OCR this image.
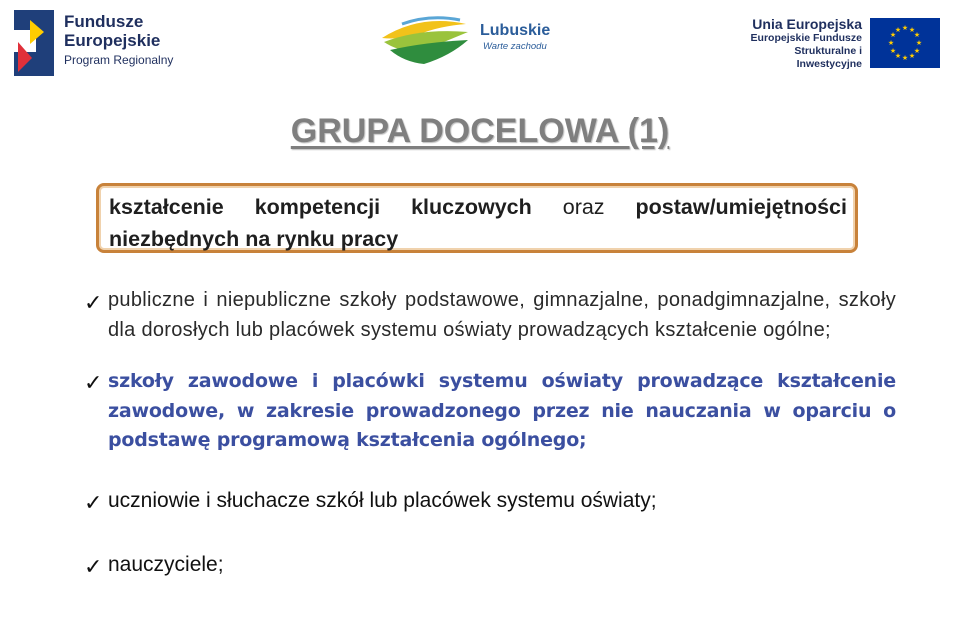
Fundusze
Europejskie
Program Regionalny
Lubuskie
Warte zachodu
Unia Europejska
Europejskie Fundusze
Strukturalne i Inwestycyjne
★ ★
★
★
★
★
★
★
★
★
★
★
GRUPA DOCELOWA (1)
kształcenie kompetencji kluczowych oraz postaw/umiejętności
niezbędnych na rynku pracy
✓ publiczne i niepubliczne szkoły podstawowe, gimnazjalne, ponadgimnazjalne, szkoły dla dorosłych lub placówek systemu oświaty prowadzących kształcenie ogólne;
✓ szkoły zawodowe i placówki systemu oświaty prowadzące kształcenie zawodowe, w zakresie prowadzonego przez nie nauczania w oparciu o podstawę programową kształcenia ogólnego;
✓ uczniowie i słuchacze szkół lub placówek systemu oświaty;
✓ nauczyciele;
